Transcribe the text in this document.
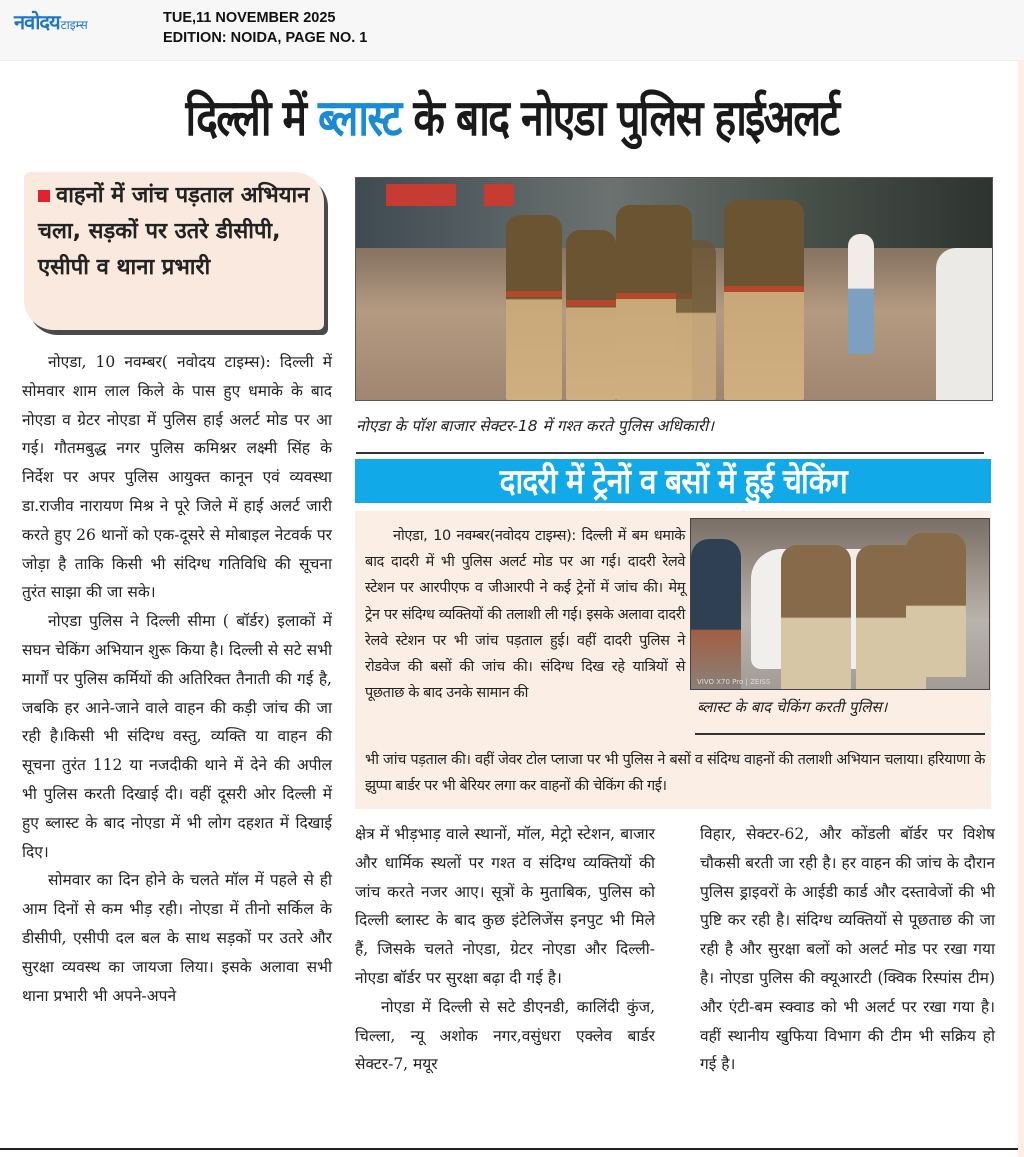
नवोदयटाइम्स	TUE,11 NOVEMBER 2025
EDITION: NOIDA, PAGE NO. 1
दिल्ली में ब्लास्ट के बाद नोएडा पुलिस हाईअलर्ट
वाहनों में जांच पड़ताल अभियान चला, सड़कों पर उतरे डीसीपी, एसीपी व थाना प्रभारी

नोएडा, 10 नवम्बर( नवोदय टाइम्स): दिल्ली में सोमवार शाम लाल किले के पास हुए धमाके के बाद नोएडा व ग्रेटर नोएडा में पुलिस हाई अलर्ट मोड पर आ गई। गौतमबुद्ध नगर पुलिस कमिश्नर लक्ष्मी सिंह के निर्देश पर अपर पुलिस आयुक्त कानून एवं व्यवस्था डा.राजीव नारायण मिश्र ने पूरे जिले में हाई अलर्ट जारी करते हुए 26 थानों को एक-दूसरे से मोबाइल नेटवर्क पर जोड़ा है ताकि किसी भी संदिग्ध गतिविधि की सूचना तुरंत साझा की जा सके।

नोएडा पुलिस ने दिल्ली सीमा ( बॉर्डर) इलाकों में सघन चेकिंग अभियान शुरू किया है। दिल्ली से सटे सभी मार्गों पर पुलिस कर्मियों की अतिरिक्त तैनाती की गई है, जबकि हर आने-जाने वाले वाहन की कड़ी जांच की जा रही है।किसी भी संदिग्ध वस्तु, व्यक्ति या वाहन की सूचना तुरंत 112 या नजदीकी थाने में देने की अपील भी पुलिस करती दिखाई दी। वहीं दूसरी ओर दिल्ली में हुए ब्लास्ट के बाद नोएडा में भी लोग दहशत में दिखाई दिए।

सोमवार का दिन होने के चलते मॉल में पहले से ही आम दिनों से कम भीड़ रही। नोएडा में तीनो सर्किल के डीसीपी, एसीपी दल बल के साथ सड़कों पर उतरे और सुरक्षा व्यवस्थ का जायजा लिया। इसके अलावा सभी थाना प्रभारी भी अपने-अपने

नोएडा के पॉश बाजार सेक्टर-18 में गश्त करते पुलिस अधिकारी।
दादरी में ट्रेनों व बसों में हुई चेकिंग

नोएडा, 10 नवम्बर(नवोदय टाइम्स): दिल्ली में बम धमाके बाद दादरी में भी पुलिस अलर्ट मोड पर आ गई। दादरी रेलवे स्टेशन पर आरपीएफ व जीआरपी ने कई ट्रेनों में जांच की। मेमू ट्रेन पर संदिग्ध व्यक्तियों की तलाशी ली गई। इसके अलावा दादरी रेलवे स्टेशन पर भी जांच पड़ताल हुई। वहीं दादरी पुलिस ने रोडवेज की बसों की जांच की। संदिग्ध दिख रहे यात्रियों से पूछताछ के बाद उनके सामान की

VIVO X70 Pro | ZEISS
ब्लास्ट के बाद चेकिंग करती पुलिस।
भी जांच पड़ताल की। वहीं जेवर टोल प्लाजा पर भी पुलिस ने बसों व संदिग्ध वाहनों की तलाशी अभियान चलाया। हरियाणा के झुप्पा बार्डर पर भी बेरियर लगा कर वाहनों की चेकिंग की गई।

क्षेत्र में भीड़भाड़ वाले स्थानों, मॉल, मेट्रो स्टेशन, बाजार और धार्मिक स्थलों पर गश्त व संदिग्ध व्यक्तियों की जांच करते नजर आए। सूत्रों के मुताबिक, पुलिस को दिल्ली ब्लास्ट के बाद कुछ इंटेलिजेंस इनपुट भी मिले हैं, जिसके चलते नोएडा, ग्रेटर नोएडा और दिल्ली-नोएडा बॉर्डर पर सुरक्षा बढ़ा दी गई है।

नोएडा में दिल्ली से सटे डीएनडी, कालिंदी कुंज, चिल्ला, न्यू अशोक नगर,वसुंधरा एक्लेव बार्डर सेक्टर-7, मयूर

विहार, सेक्टर-62, और कोंडली बॉर्डर पर विशेष चौकसी बरती जा रही है। हर वाहन की जांच के दौरान पुलिस ड्राइवरों के आईडी कार्ड और दस्तावेजों की भी पुष्टि कर रही है। संदिग्ध व्यक्तियों से पूछताछ की जा रही है और सुरक्षा बलों को अलर्ट मोड पर रखा गया है। नोएडा पुलिस की क्यूआरटी (क्विक रिस्पांस टीम) और एंटी-बम स्क्वाड को भी अलर्ट पर रखा गया है। वहीं स्थानीय खुफिया विभाग की टीम भी सक्रिय हो गई है।
